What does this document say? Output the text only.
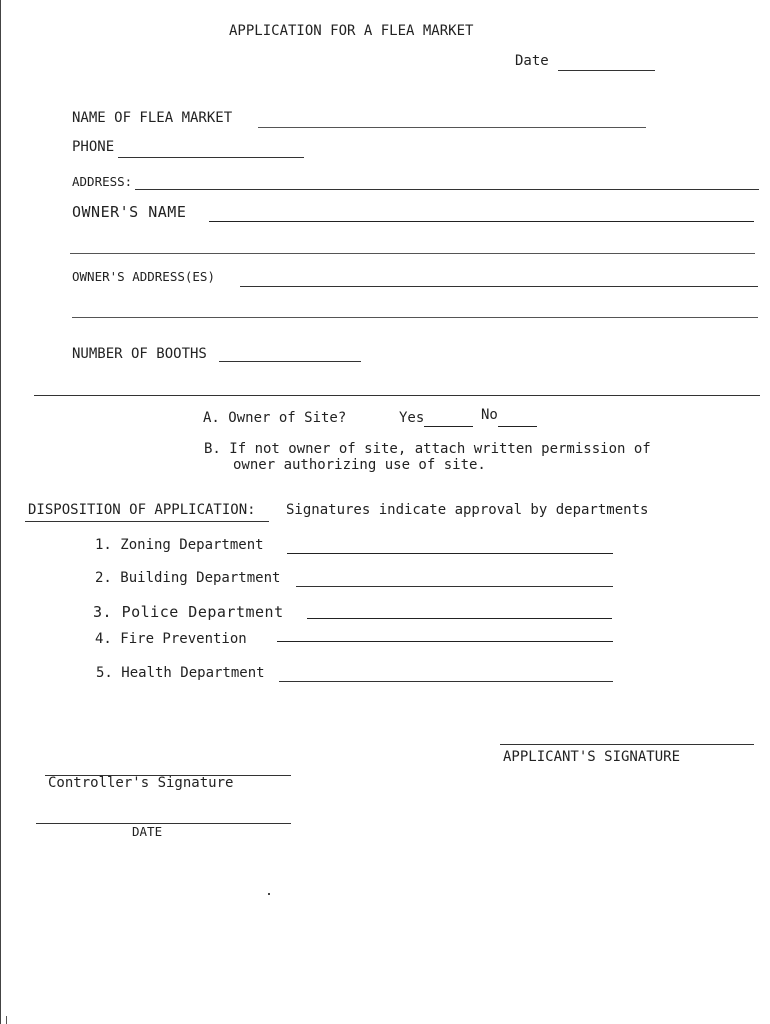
APPLICATION FOR A FLEA MARKET
Date
NAME OF FLEA MARKET
PHONE
ADDRESS:
OWNER'S NAME
OWNER'S ADDRESS(ES)
NUMBER OF BOOTHS
A. Owner of Site?	Yes	No
B. If not owner of site, attach written permission of
owner authorizing use of site.
DISPOSITION OF APPLICATION: Signatures indicate approval by departments
1. Zoning Department
2. Building Department
3. Police Department
4. Fire Prevention
5. Health Department
APPLICANT'S SIGNATURE
Controller's Signature
DATE
